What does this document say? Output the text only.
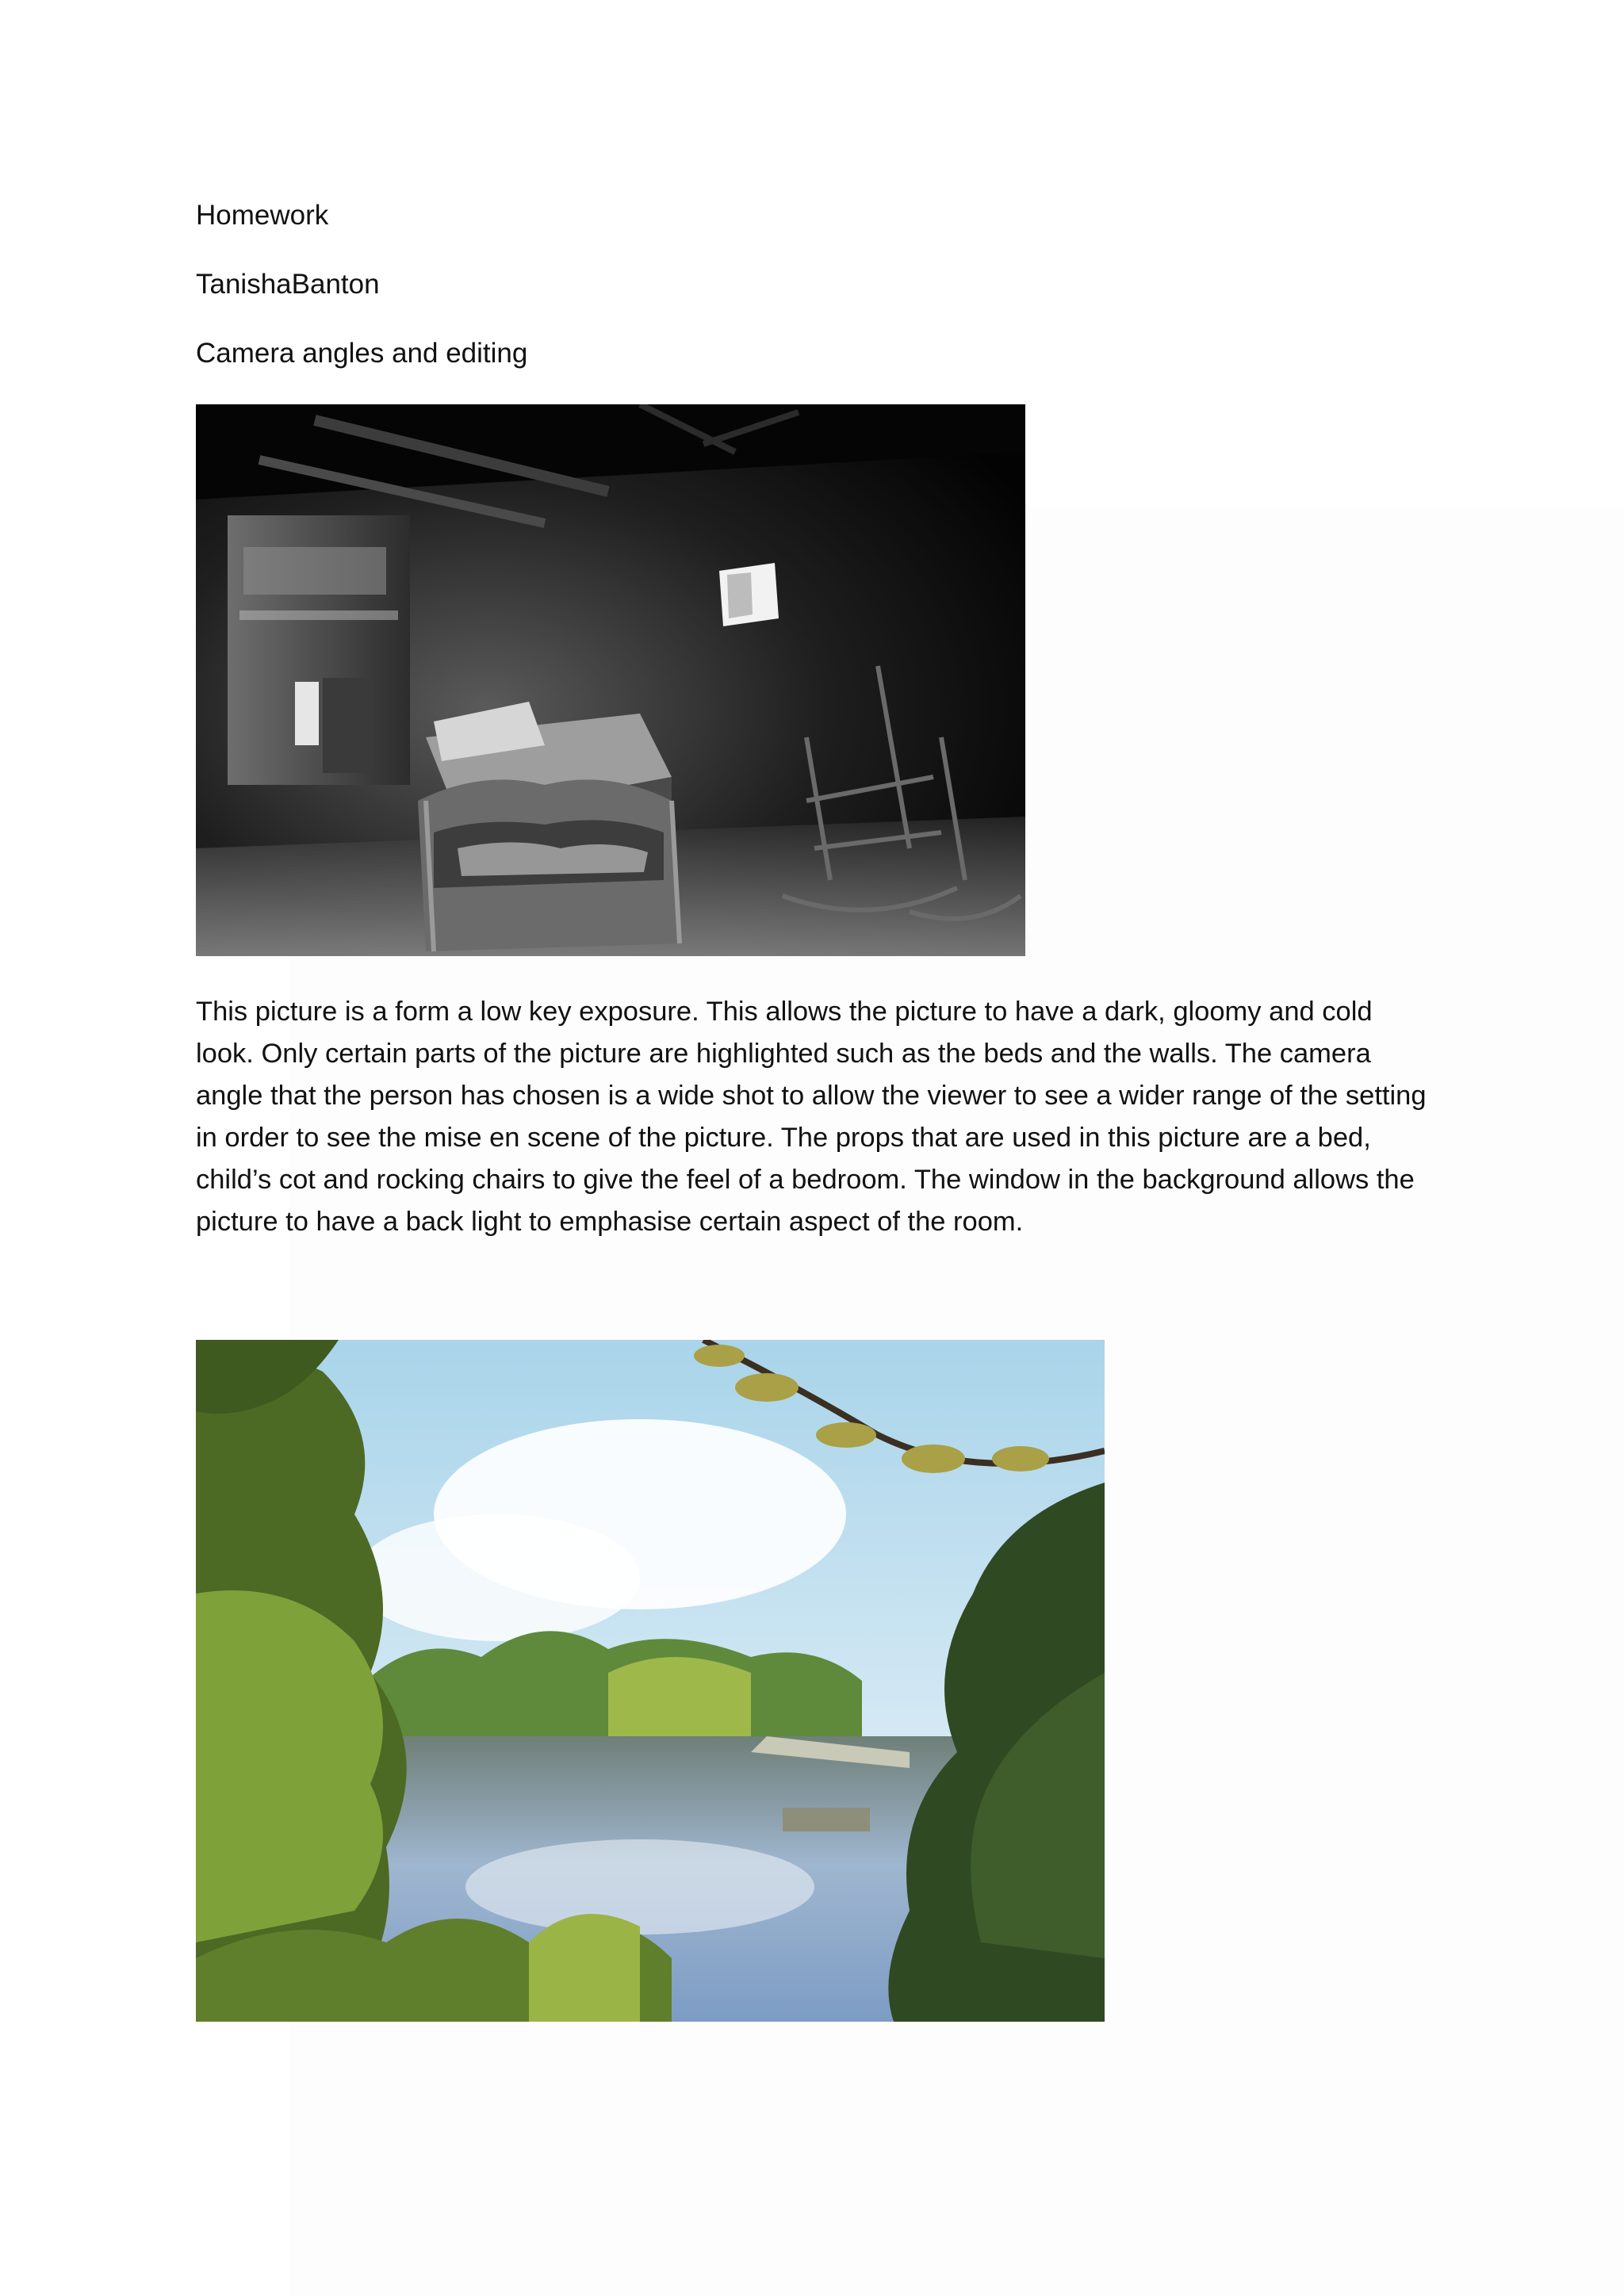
Homework
TanishaBanton
Camera angles and editing

This picture is a form a low key exposure. This allows the picture to have a dark, gloomy and cold look. Only certain parts of the picture are highlighted such as the beds and the walls. The camera angle that the person has chosen is a wide shot to allow the viewer to see a wider range of the setting in order to see the mise en scene of the picture. The props that are used in this picture are a bed, child’s cot and rocking chairs to give the feel of a bedroom. The window in the background allows the picture to have a back light to emphasise certain aspect of the room.
